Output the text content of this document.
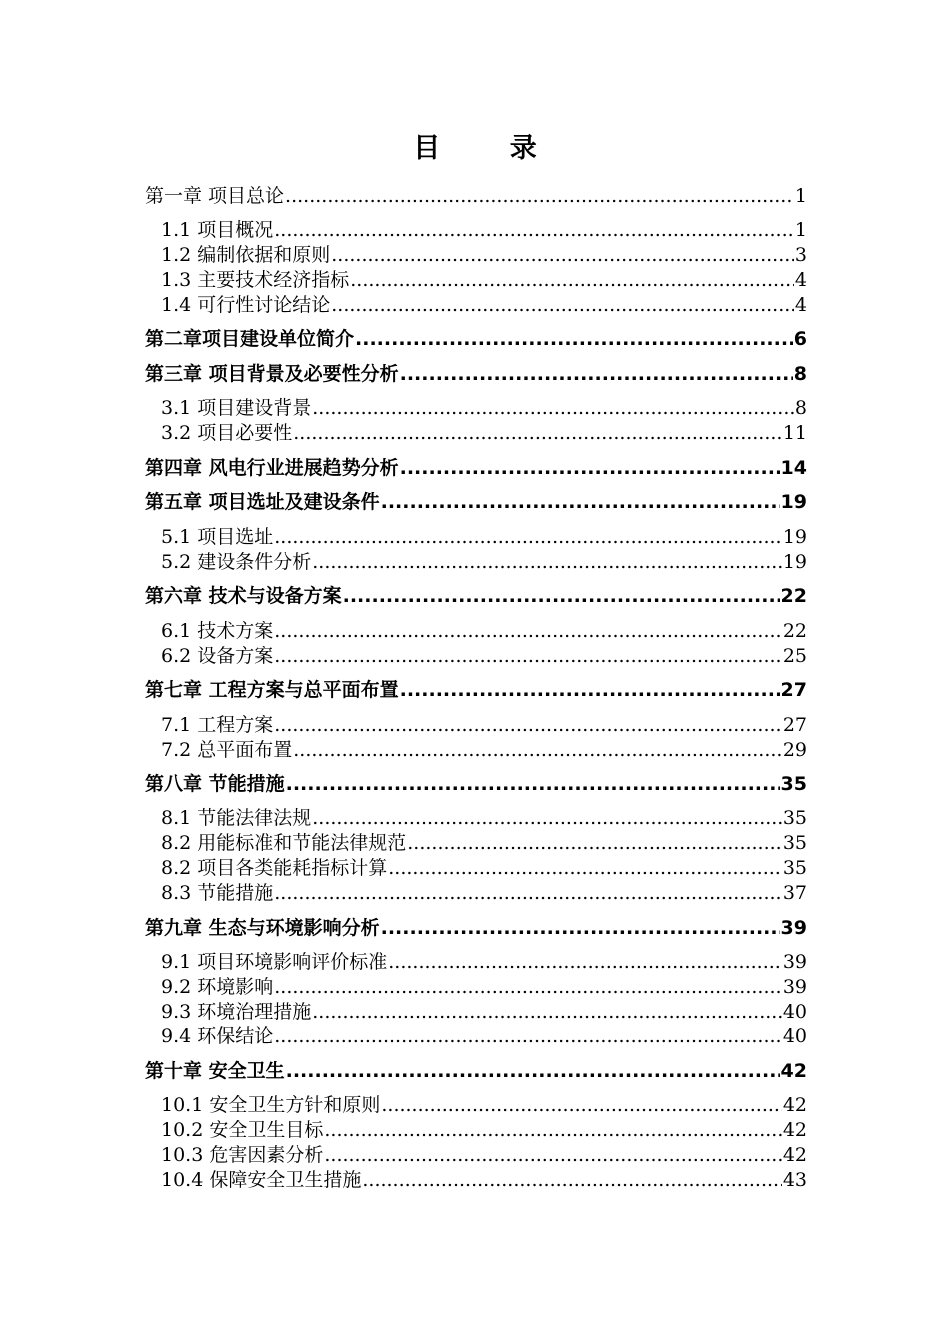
目 录
第一章 项目总论 .....	1
1.1 项目概况 .....	1
1.2 编制依据和原则 .....	3
1.3 主要技术经济指标 .....	4
1.4 可行性讨论结论 .....	4
第二章项目建设单位简介 .....	6
第三章 项目背景及必要性分析 .....	8
3.1 项目建设背景 .....	8
3.2 项目必要性 .....	11
第四章 风电行业进展趋势分析 .....	14
第五章 项目选址及建设条件 .....	19
5.1 项目选址 .....	19
5.2 建设条件分析 .....	19
第六章 技术与设备方案 .....	22
6.1 技术方案 .....	22
6.2 设备方案 .....	25
第七章 工程方案与总平面布置 .....	27
7.1 工程方案 .....	27
7.2 总平面布置 .....	29
第八章 节能措施 .....	35
8.1 节能法律法规 .....	35
8.2 用能标准和节能法律规范 .....	35
8.2 项目各类能耗指标计算 .....	35
8.3 节能措施 .....	37
第九章 生态与环境影响分析 .....	39
9.1 项目环境影响评价标准 .....	39
9.2 环境影响 .....	39
9.3 环境治理措施 .....	40
9.4 环保结论 .....	40
第十章 安全卫生 .....	42
10.1 安全卫生方针和原则 .....	42
10.2 安全卫生目标 .....	42
10.3 危害因素分析 .....	42
10.4 保障安全卫生措施 .....	43
